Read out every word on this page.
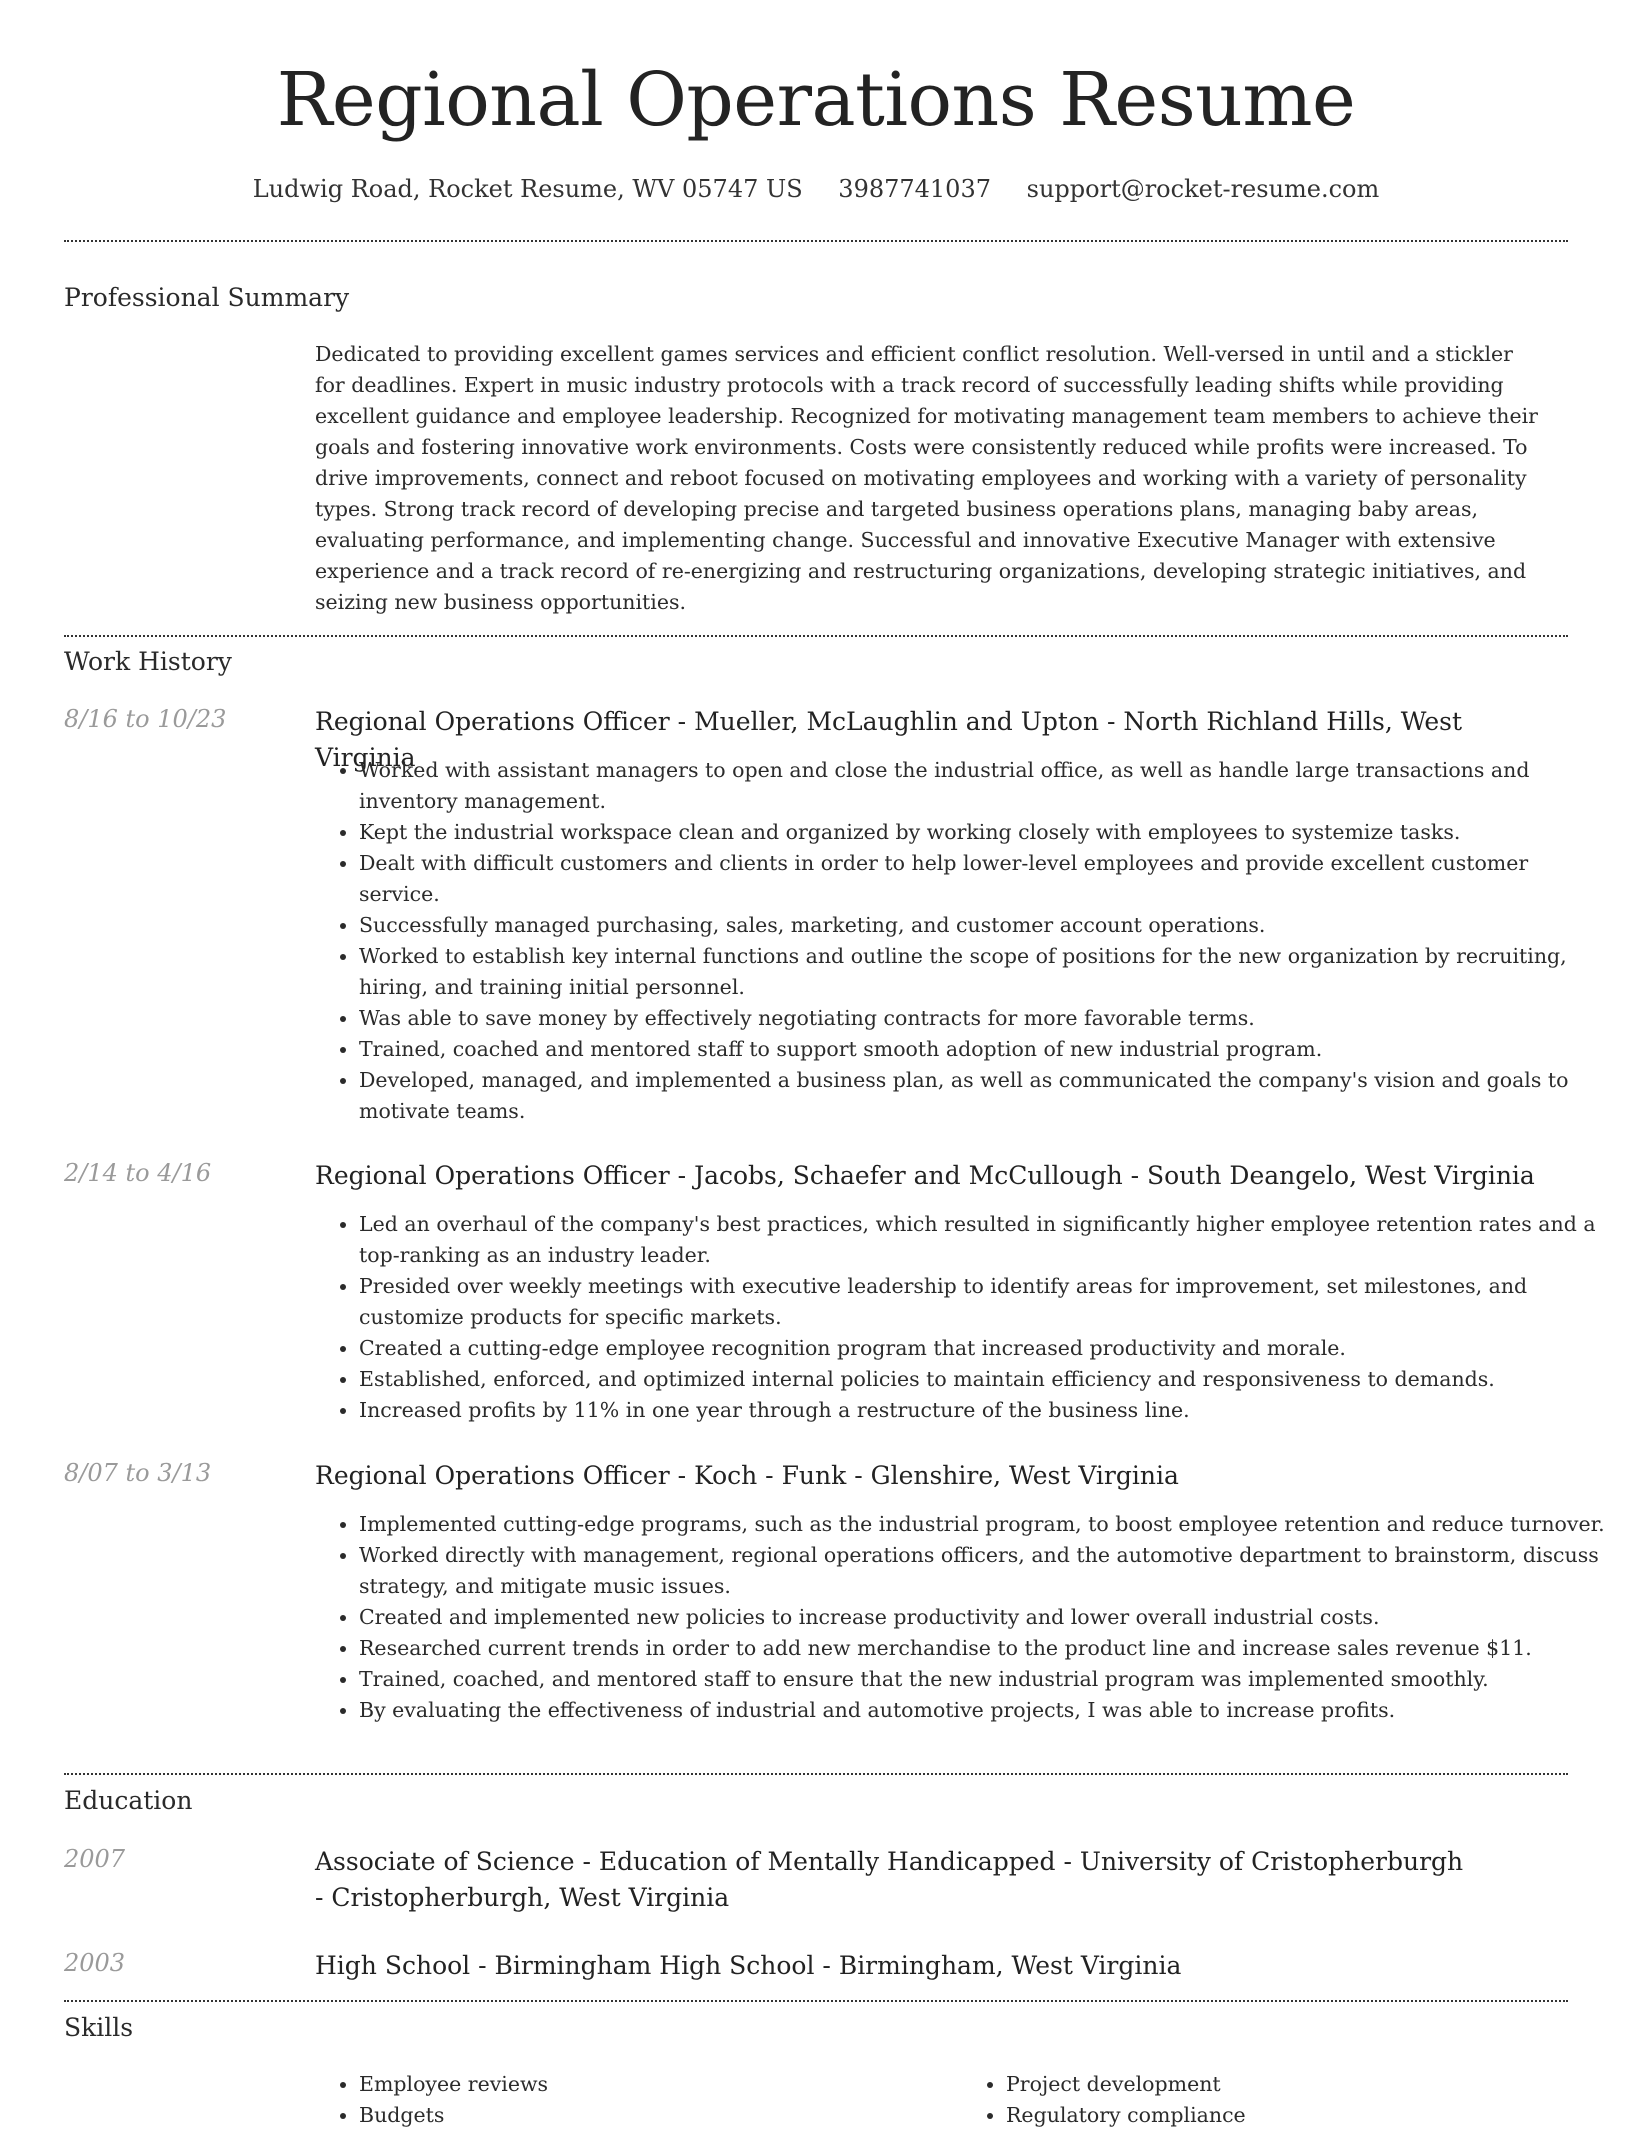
Regional Operations Resume
Ludwig Road, Rocket Resume, WV 05747 US 3987741037 support@rocket-resume.com
Professional Summary

Dedicated to providing excellent games services and efficient conflict resolution. Well-versed in until and a stickler for deadlines. Expert in music industry protocols with a track record of successfully leading shifts while providing excellent guidance and employee leadership. Recognized for motivating management team members to achieve their goals and fostering innovative work environments. Costs were consistently reduced while profits were increased. To drive improvements, connect and reboot focused on motivating employees and working with a variety of personality types. Strong track record of developing precise and targeted business operations plans, managing baby areas, evaluating performance, and implementing change. Successful and innovative Executive Manager with extensive experience and a track record of re-energizing and restructuring organizations, developing strategic initiatives, and seizing new business opportunities.

Work History
8/16 to 10/23	Regional Operations Officer - Mueller, McLaughlin and Upton - North Richland Hills, West Virginia
• Worked with assistant managers to open and close the industrial office, as well as handle large transactions and inventory management.
• Kept the industrial workspace clean and organized by working closely with employees to systemize tasks.
• Dealt with difficult customers and clients in order to help lower-level employees and provide excellent customer service.
• Successfully managed purchasing, sales, marketing, and customer account operations.
• Worked to establish key internal functions and outline the scope of positions for the new organization by recruiting, hiring, and training initial personnel.
• Was able to save money by effectively negotiating contracts for more favorable terms.
• Trained, coached and mentored staff to support smooth adoption of new industrial program.
• Developed, managed, and implemented a business plan, as well as communicated the company's vision and goals to motivate teams.
2/14 to 4/16	Regional Operations Officer - Jacobs, Schaefer and McCullough - South Deangelo, West Virginia
• Led an overhaul of the company's best practices, which resulted in significantly higher employee retention rates and a top-ranking as an industry leader.
• Presided over weekly meetings with executive leadership to identify areas for improvement, set milestones, and customize products for specific markets.
• Created a cutting-edge employee recognition program that increased productivity and morale.
• Established, enforced, and optimized internal policies to maintain efficiency and responsiveness to demands.
• Increased profits by 11% in one year through a restructure of the business line.
8/07 to 3/13	Regional Operations Officer - Koch - Funk - Glenshire, West Virginia
• Implemented cutting-edge programs, such as the industrial program, to boost employee retention and reduce turnover.
• Worked directly with management, regional operations officers, and the automotive department to brainstorm, discuss strategy, and mitigate music issues.
• Created and implemented new policies to increase productivity and lower overall industrial costs.
• Researched current trends in order to add new merchandise to the product line and increase sales revenue $11.
• Trained, coached, and mentored staff to ensure that the new industrial program was implemented smoothly.
• By evaluating the effectiveness of industrial and automotive projects, I was able to increase profits.
Education
2007	Associate of Science - Education of Mentally Handicapped - University of Cristopherburgh - Cristopherburgh, West Virginia
2003	High School - Birmingham High School - Birmingham, West Virginia
Skills
• Employee reviews
• Budgets
• Project development
• Regulatory compliance
